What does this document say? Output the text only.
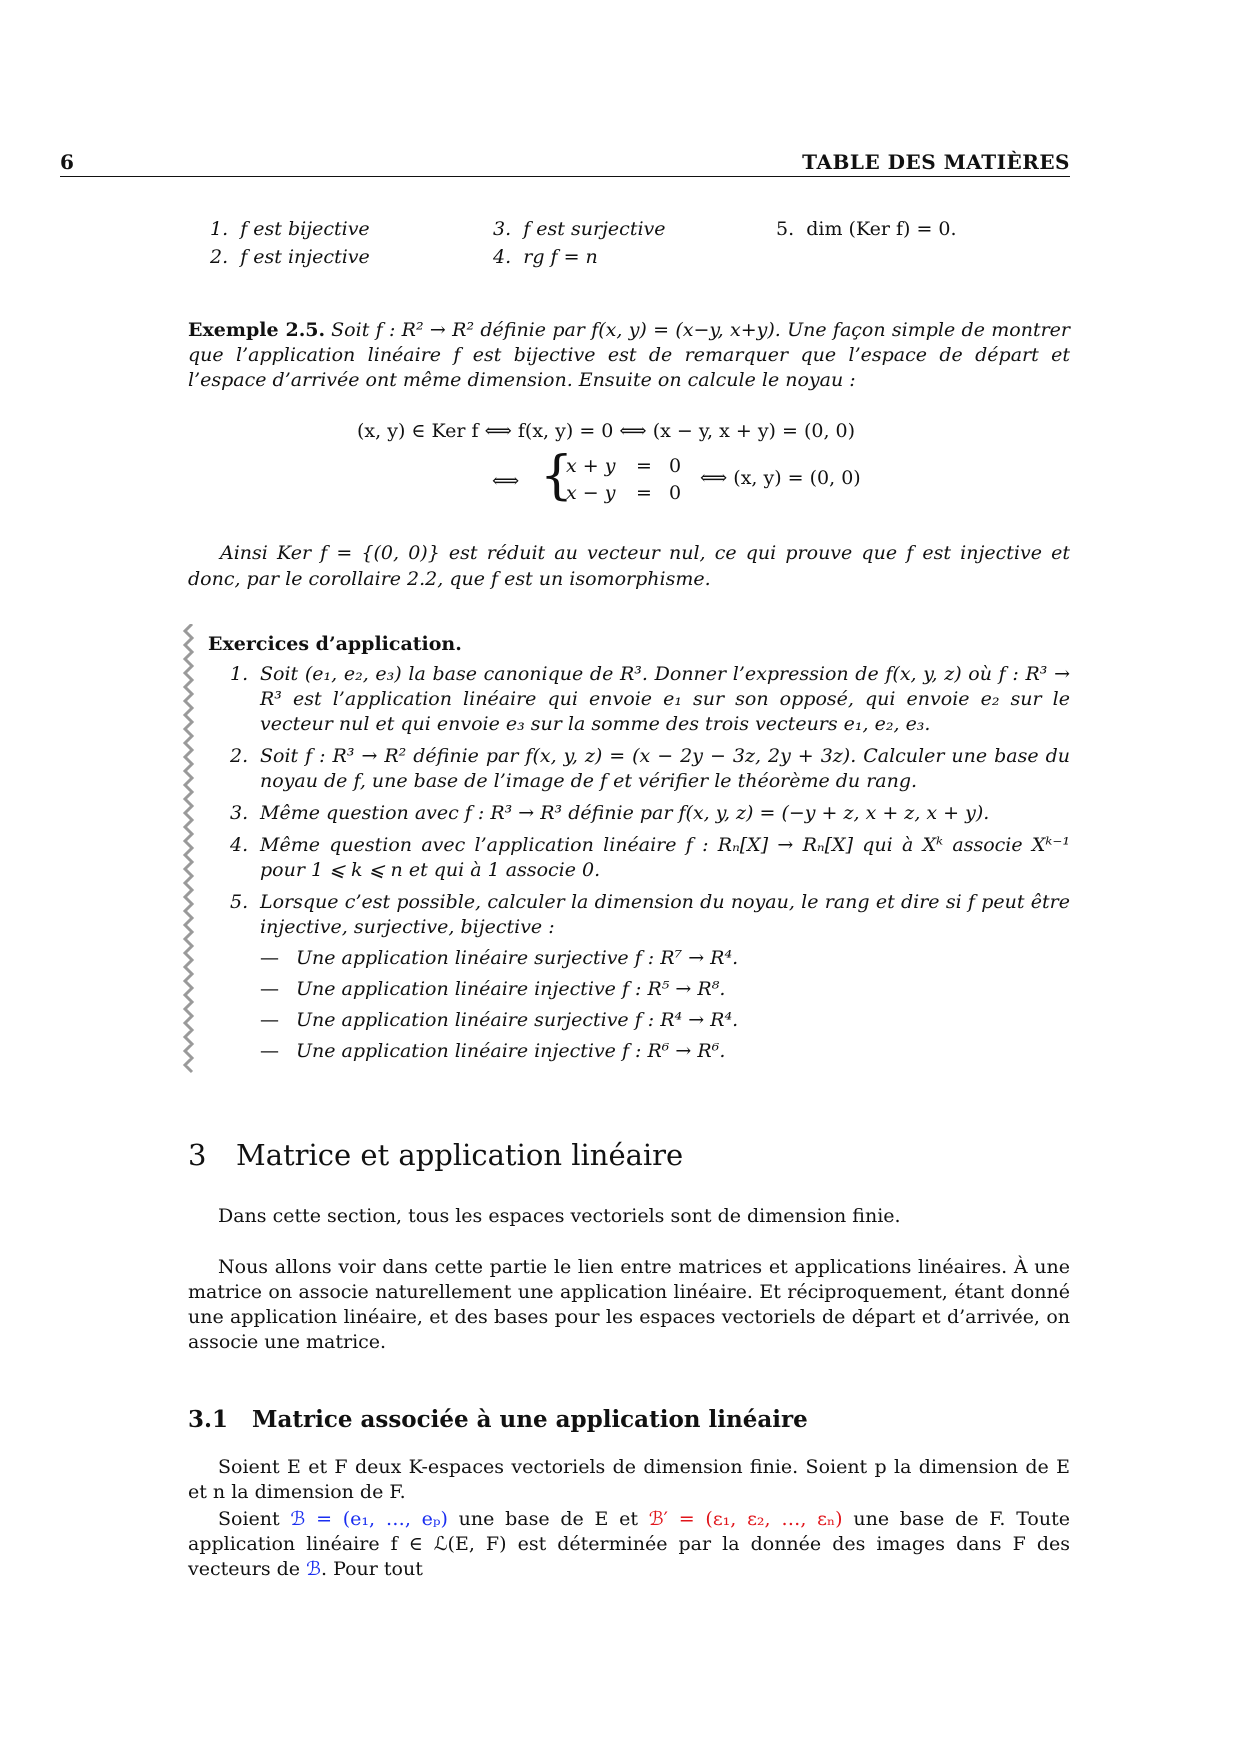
6	TABLE DES MATIÈRES
1. f est bijective
2. f est injective
3. f est surjective
4. rg f = n
5. dim (Ker f) = 0.
Exemple 2.5. Soit f : R² → R² définie par f(x, y) = (x−y, x+y). Une façon simple de montrer que l’application linéaire f est bijective est de remarquer que l’espace de départ et l’espace d’arrivée ont même dimension. Ensuite on calcule le noyau :
(x, y) ∈ Ker f ⟺ f(x, y) = 0 ⟺ (x − y, x + y) = (0, 0)
⟺ {
x + y = 0
x − y = 0
⟺ (x, y) = (0, 0)
Ainsi Ker f = {(0, 0)} est réduit au vecteur nul, ce qui prouve que f est injective et donc, par le corollaire 2.2, que f est un isomorphisme.
Exercices d’application.
1. Soit (e₁, e₂, e₃) la base canonique de R³. Donner l’expression de f(x, y, z) où f : R³ → R³ est l’application linéaire qui envoie e₁ sur son opposé, qui envoie e₂ sur le vecteur nul et qui envoie e₃ sur la somme des trois vecteurs e₁, e₂, e₃.
2. Soit f : R³ → R² définie par f(x, y, z) = (x − 2y − 3z, 2y + 3z). Calculer une base du noyau de f, une base de l’image de f et vérifier le théorème du rang.
3. Même question avec f : R³ → R³ définie par f(x, y, z) = (−y + z, x + z, x + y).
4. Même question avec l’application linéaire f : Rₙ[X] → Rₙ[X] qui à Xᵏ associe Xᵏ⁻¹ pour 1 ⩽ k ⩽ n et qui à 1 associe 0.
5. Lorsque c’est possible, calculer la dimension du noyau, le rang et dire si f peut être injective, surjective, bijective :
— Une application linéaire surjective f : R⁷ → R⁴.
— Une application linéaire injective f : R⁵ → R⁸.
— Une application linéaire surjective f : R⁴ → R⁴.
— Une application linéaire injective f : R⁶ → R⁶.
3 Matrice et application linéaire
Dans cette section, tous les espaces vectoriels sont de dimension finie.
Nous allons voir dans cette partie le lien entre matrices et applications linéaires. À une matrice on associe naturellement une application linéaire. Et réciproquement, étant donné une application linéaire, et des bases pour les espaces vectoriels de départ et d’arrivée, on associe une matrice.
3.1 Matrice associée à une application linéaire
Soient E et F deux K-espaces vectoriels de dimension finie. Soient p la dimension de E et n la dimension de F.
Soient ℬ = (e₁, …, eₚ) une base de E et ℬ′ = (ε₁, ε₂, …, εₙ) une base de F. Toute application linéaire f ∈ ℒ(E, F) est déterminée par la donnée des images dans F des vecteurs de ℬ. Pour tout
